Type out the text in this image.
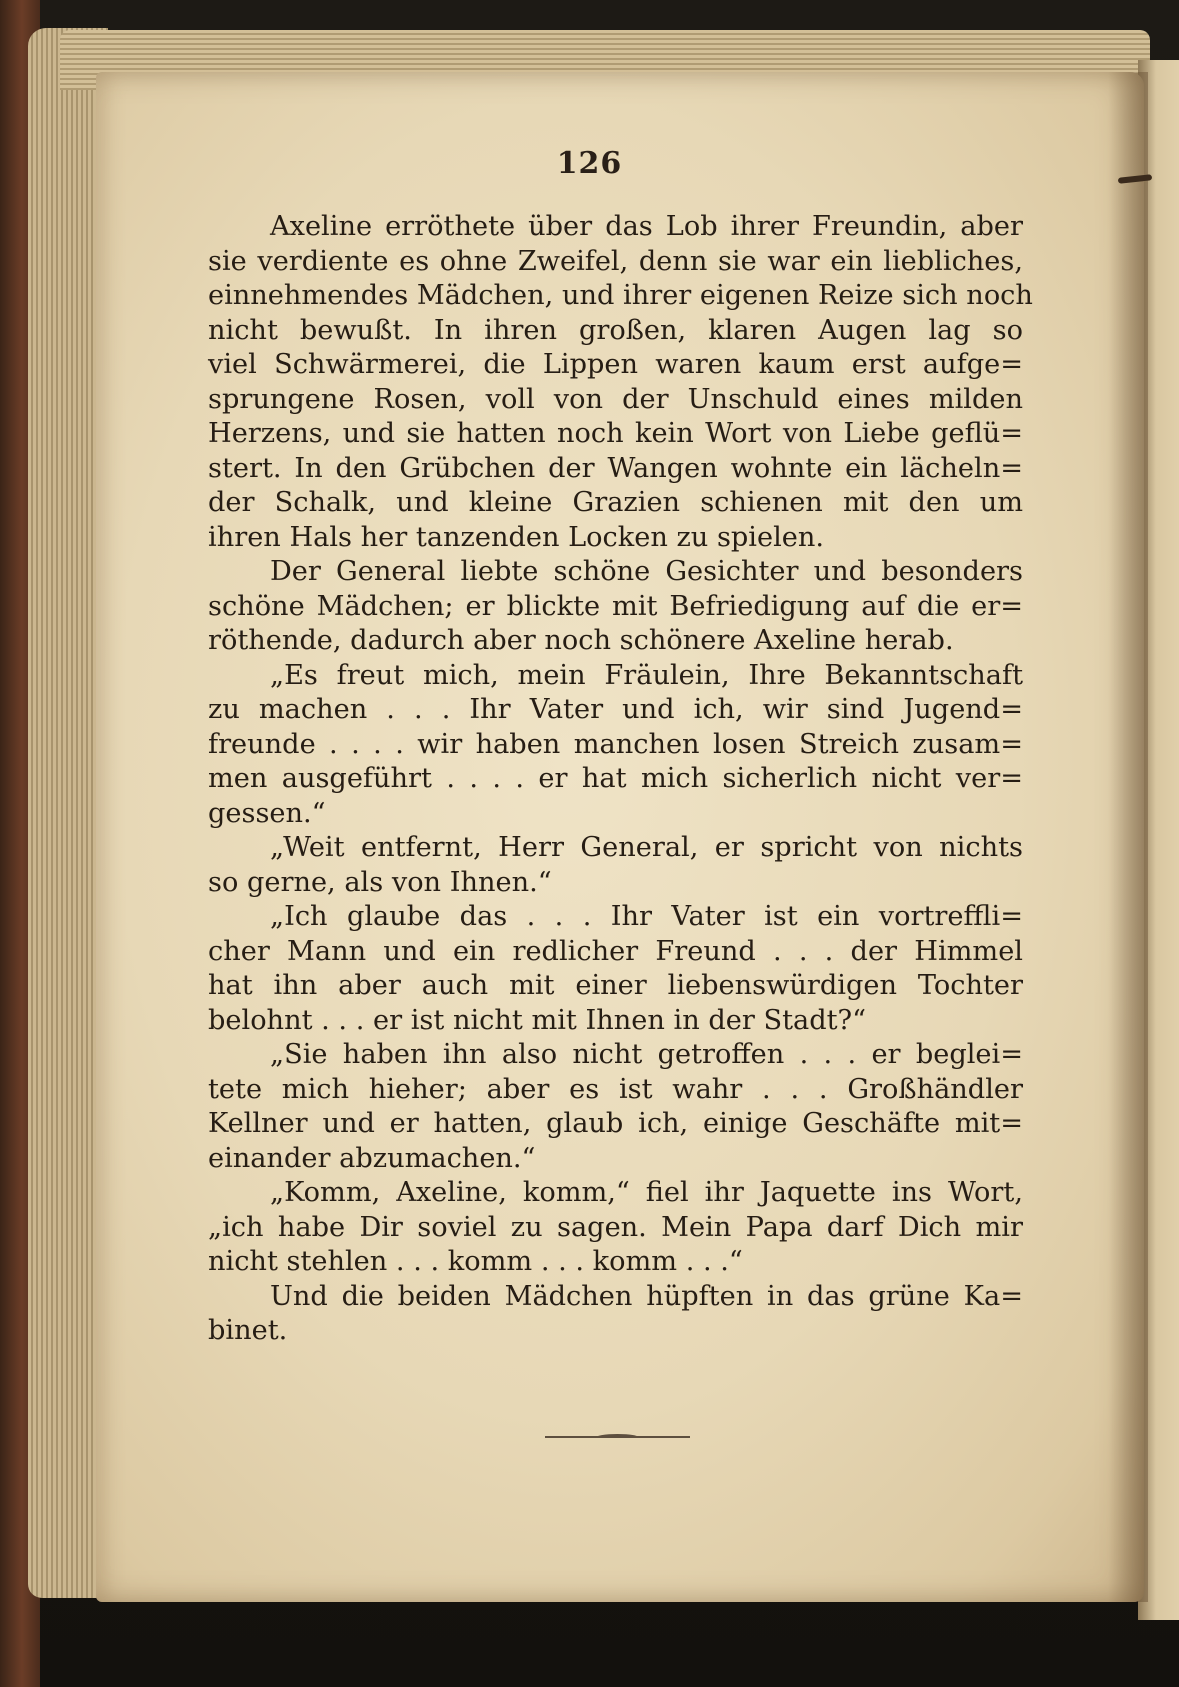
126
Axeline erröthete über das Lob ihrer Freundin, aber
sie verdiente es ohne Zweifel, denn sie war ein liebliches,
einnehmendes Mädchen, und ihrer eigenen Reize sich noch
nicht bewußt. In ihren großen, klaren Augen lag so
viel Schwärmerei, die Lippen waren kaum erst aufge=
sprungene Rosen, voll von der Unschuld eines milden
Herzens, und sie hatten noch kein Wort von Liebe geflü=
stert. In den Grübchen der Wangen wohnte ein lächeln=
der Schalk, und kleine Grazien schienen mit den um
ihren Hals her tanzenden Locken zu spielen.
Der General liebte schöne Gesichter und besonders
schöne Mädchen; er blickte mit Befriedigung auf die er=
röthende, dadurch aber noch schönere Axeline herab.
„Es freut mich, mein Fräulein, Ihre Bekanntschaft
zu machen . . . Ihr Vater und ich, wir sind Jugend=
freunde . . . . wir haben manchen losen Streich zusam=
men ausgeführt . . . . er hat mich sicherlich nicht ver=
gessen.“
„Weit entfernt, Herr General, er spricht von nichts
so gerne, als von Ihnen.“
„Ich glaube das . . . Ihr Vater ist ein vortreffli=
cher Mann und ein redlicher Freund . . . der Himmel
hat ihn aber auch mit einer liebenswürdigen Tochter
belohnt . . . er ist nicht mit Ihnen in der Stadt?“
„Sie haben ihn also nicht getroffen . . . er beglei=
tete mich hieher; aber es ist wahr . . . Großhändler
Kellner und er hatten, glaub ich, einige Geschäfte mit=
einander abzumachen.“
„Komm, Axeline, komm,“ fiel ihr Jaquette ins Wort,
„ich habe Dir soviel zu sagen. Mein Papa darf Dich mir
nicht stehlen . . . komm . . . komm . . .“
Und die beiden Mädchen hüpften in das grüne Ka=
binet.
